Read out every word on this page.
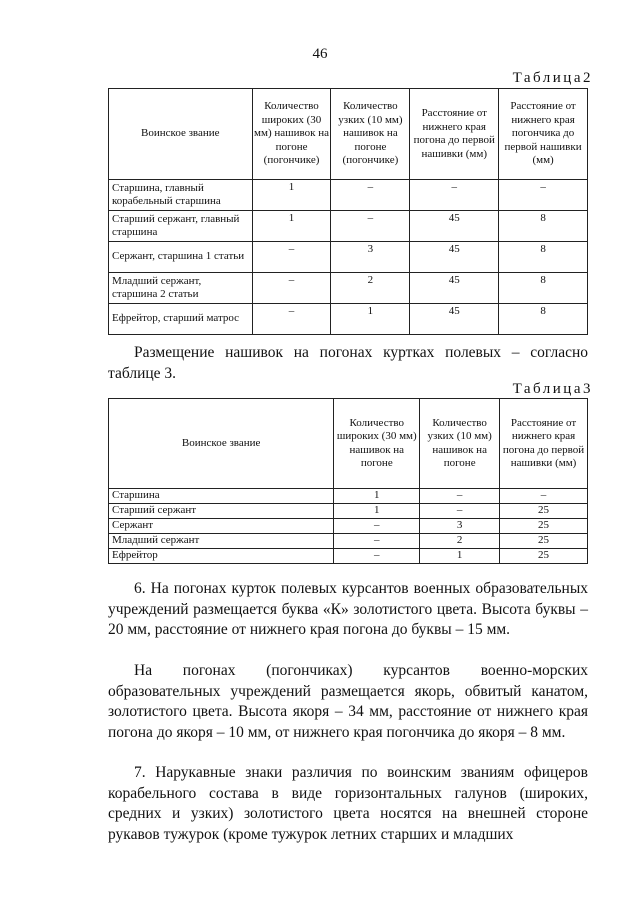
46
Таблица2
Воинское звание	Количество широких (30 мм) нашивок на погоне (погончике)	Количество узких (10 мм) нашивок на погоне (погончике)	Расстояние от нижнего края погона до первой нашивки (мм)	Расстояние от нижнего края погончика до первой нашивки (мм)
Старшина, главный корабельный старшина	1	–	–	–
Старший сержант, главный старшина	1	–	45	8
Сержант, старшина 1 статьи	–	3	45	8
Младший сержант, старшина 2 статьи	–	2	45	8
Ефрейтор, старший матрос	–	1	45	8
Размещение нашивок на погонах куртках полевых – согласно таблице 3.
Таблица3
Воинское звание	Количество широких (30 мм) нашивок на погоне	Количество узких (10 мм) нашивок на погоне	Расстояние от нижнего края погона до первой нашивки (мм)
Старшина	1	–	–
Старший сержант	1	–	25
Сержант	–	3	25
Младший сержант	–	2	25
Ефрейтор	–	1	25
6. На погонах курток полевых курсантов военных образовательных учреждений размещается буква «К» золотистого цвета. Высота буквы – 20 мм, расстояние от нижнего края погона до буквы – 15 мм.
На погонах (погончиках) курсантов военно-морских образовательных учреждений размещается якорь, обвитый канатом, золотистого цвета. Высота якоря – 34 мм, расстояние от нижнего края погона до якоря – 10 мм, от нижнего края погончика до якоря – 8 мм.
7. Нарукавные знаки различия по воинским званиям офицеров корабельного состава в виде горизонтальных галунов (широких, средних и узких) золотистого цвета носятся на внешней стороне рукавов тужурок (кроме тужурок летних старших и младших
